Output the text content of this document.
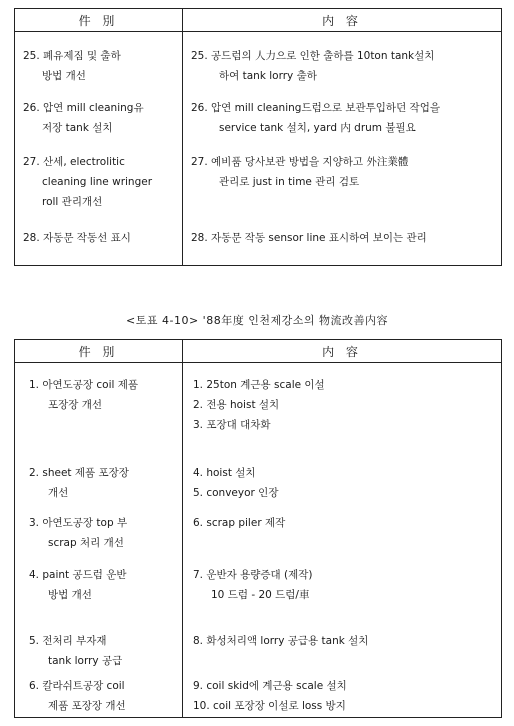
件 別	内 容
25. 폐유제짐 및 출하
방법 개선
26. 압연 mill cleaning유
저장 tank 설치
27. 산세, electrolitic
cleaning line wringer
roll 관리개선
28. 자동문 작동선 표시
25. 공드럼의 人力으로 인한 출하를 10ton tank설치
하여 tank lorry 출하
26. 압연 mill cleaning드럼으로 보관투입하던 작업을
service tank 설치, yard 内 drum 불필요
27. 예비품 당사보관 방법을 지양하고 外注業體
관리로 just in time 관리 검토
28. 자동문 작동 sensor line 표시하여 보이는 관리
<토표 4-10> '88年度 인천제강소의 物流改善内容
件 別	内 容
1. 아연도공장 coil 제품
포장장 개선
2. sheet 제품 포장장
개선
3. 아연도공장 top 부
scrap 처리 개선
4. paint 공드럼 운반
방법 개선
5. 전처리 부자재
tank lorry 공급
6. 칼라쉬트공장 coil
제품 포장장 개선
1. 25ton 계근용 scale 이설
2. 전용 hoist 설치
3. 포장대 대차화
4. hoist 설치
5. conveyor 인장
6. scrap piler 제작
7. 운반자 용량증대 (제작)
10 드럼 - 20 드럼/車
8. 화성처리액 lorry 공급용 tank 설치
9. coil skid에 계근용 scale 설치
10. coil 포장장 이설로 loss 방지
